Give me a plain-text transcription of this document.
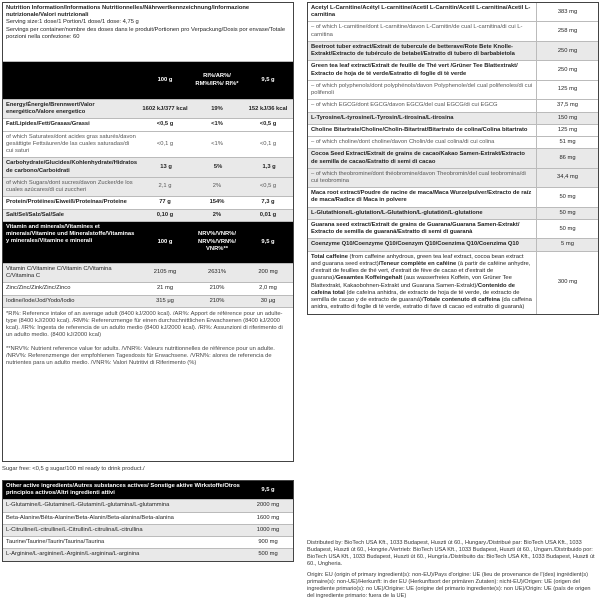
Nutrition Information/Informations Nutritionnelles/Nährwertkennzeichnung/Informazione nutrizionale/Valori nutrizionali
Serving size:1 dose/1 Portion/1 dose/1 dose: 4,75 g
Servings per container/nombre des doses dans le produit/Portionen pro Verpackung/Dosis por envase/Totale porzioni nella confezione: 60
100 g
RI%/AR%/ RM%/IR%/ RI%*
9,5 g
Energy/Énergie/Brennwert/Valor energético/Valore energetico
1602 kJ/377 kcal	19%	152 kJ/36 kcal
Fat/Lipides/Fett/Grasas/Grassi	<0,5 g	<1%	<0,5 g
of which Saturates/dont acides gras saturés/davon gesättigte Fettsäuren/de las cuales saturadas/di cui saturi
<0,1 g	<1%	<0,1 g
Carbohydrate/Glucides/Kohlenhydrate/Hidratos de carbono/Carboidrati
13 g	5%	1,3 g
of which Sugars/dont sucres/davon Zucker/de los cuales azúcares/di cui zuccheri
2,1 g	2%	<0,5 g
Protein/Protéines/Eiweiß/Proteínas/Proteine	77 g	154%	7,3 g
Salt/Sel/Salz/Sal/Sale	0,10 g	2%	0,01 g
Vitamin and minerals/Vitamines et minerais/Vitamine und Mineralstoffe/Vitaminas y minerales/Vitamine e minerali	100 g
NRV%/VNR%/ NRV%/VRN%/ VNR%**
9,5 g
Vitamin C/Vitamine C/Vitamin C/Vitamina C/Vitamina C
2105 mg	2631%	200 mg
Zinc/Zinc/Zink/Zinc/Zinco	21 mg	210%	2,0 mg
Iodine/Iode/Jod/Yodo/Iodio	315 μg	210%	30 μg
*RI%: Reference intake of an average adult (8400 kJ/2000 kcal). /AR%: Apport de référence pour un adulte-type (8400 kJ/2000 kcal). /RM%: Referenzmenge für einen durchschnittlichen Erwachsenen (8400 kJ/2000 kcal). /IR%: Ingesta de referencia de un adulto medio (8400 kJ/2000 kcal). /RI%: Assunzioni di riferimento di un adulto medio. (8400 kJ/2000 kcal)
**NRV%: Nutrient reference value for adults. /VNR%: Valeurs nutritionnelles de référence pour un adulte. /NRV%: Referenzmenge der empfohlenen Tagesdosis für Erwachsene. /VRN%: alores de referencia de nutrientes para un adulto medio. /VNR%: Valori Nutritivi di Riferimento (%)
Sugar free: <0,5 g sugar/100 ml ready to drink product./
Other active ingredients/Autres substances actives/ Sonstige aktive Wirkstoffe/Otros principios activos/Altri ingredienti attivi
9,5 g
L-Glutamine/L-Glutamine/L-Glutamin/L-glutamina/L-glutammina	2000 mg
Beta-Alanine/Bêta-Alanine/Beta-Alanin/Beta-alanina/Beta-alanina	1600 mg
L-Citrulline/L-citrulline/L-Citrullin/L-citrulina/L-citrullina	1000 mg
Taurine/Taurine/Taurin/Taurina/Taurina	900 mg
L-Arginine/L-arginine/L-Arginin/L-arginina/L-arginina	500 mg
Acetyl L-Carnitine/Acétyl L-carnitine/Acetil L-Carnitin/Acetil L-carnitina/Acetil L-carnitina
383 mg
– of which L-carnitine/dont L-carnitine/davon L-Carnitin/de cual L-carnitina/di cui L-carnitina
258 mg
Beetroot tuber extract/Extrait de tubercule de betterave/Rote Bete Knolle-Extrakt/Extracto de tubérculo de betabel/Estratto di tubero di barbabietola
250 mg
Green tea leaf extract/Extrait de feuille de Thé vert /Grüner Tee Blattextrakt/ Extracto de hoja de té verde/Estratto di foglie di tè verde
250 mg
– of which polyphenols/dont polyphénols/davon Polyphenole/del cual polifenoles/di cui polifenoli
125 mg
– of which EGCG/dont EGCG/davon EGCG/del cual EGCG/di cui EGCG	37,5 mg
L-Tyrosine/L-tyrosine/L-Tyrosin/L-tirosina/L-tirosina	150 mg
Choline Bitartrate/Choline/Cholin-Bitartrat/Bitartrato de colina/Colina bitartrato	125 mg
– of which choline/dont choline/davon Cholin/de cual colina/di cui colina	51 mg
Cocoa Seed Extract/Extrait de grains de cacao/Kakao Samen-Extrakt/Extracto de semilla de cacao/Estratto di semi di cacao
86 mg
– of which theobromine/dont théobromine/davon Theobromin/del cual teobromina/di cui teobromina
34,4 mg
Maca root extract/Poudre de racine de maca/Maca Wurzelpulver/Extracto de raíz de maca/Radice di Maca in polvere
50 mg
L-Glutathione/L-glutation/L-Glutathion/L-glutatión/L-glutatione	50 mg
Guarana seed extract/Extrait de grains de Guarana/Guarana Samen-Extrakt/ Extracto de semilla de guaraná/Estratto di semi di guaranà
50 mg
Coenzyme Q10/Coenzyme Q10/Coenzym Q10/Coenzima Q10/Coenzima Q10	5 mg
Total caffeine (from caffeine anhydrous, green tea leaf extract, cocoa bean extract and guarana seed extract)/Teneur complète en caféine (à partir de caféine anhydre, d'extrait de feuilles de thé vert, d'extrait de fève de cacao et d'extrait de guarana)/Gesamtes Koffeingehalt (aus wasserfreies Koffein, von Grüner Tee Blattextrakt, Kakaobohnen-Extrakt und Guarana Samen-Extrakt)/Contenido de cafeína total (de cafeína anhidra, de extracto de hoja de té verde, de extracto de semilla de cacao y de extracto de guaraná)/Totale contenuto di caffeina (da caffeina anidra, estratto di foglie di tè verde, estratto di fave di cacao ed estratto di guaranà)
300 mg
Distributed by: BioTech USA Kft., 1033 Budapest, Huszti út 60., Hungary./Distribué par: BioTech USA Kft., 1033 Budapest, Huszti út 60., Hongrie./Vertrieb: BioTech USA Kft., 1033 Budapest, Huszti út 60., Ungarn./Distribuido por: BioTech USA Kft., 1033 Budapest, Huszti út 60., Hungría./Distribuito da: BioTech USA Kft., 1033 Budapest, Huszti út 60., Ungheria.
Origin: EU (origin of primary ingredient(s): non-EU)/Pays d'origine: UE (lieu de provenance de l'(des) ingrédient(s) primaire(s): non-UE)/Herkunft: in der EU (Herkunftsort der primären Zutaten): nicht-EU)/Origen: UE (origen del ingrediente primario(s): no UE)/Origine: UE (origine del primario ingrediente(s): non UE)/Origin: UE (país de origen del ingrediente primario: fuera de la UE)
